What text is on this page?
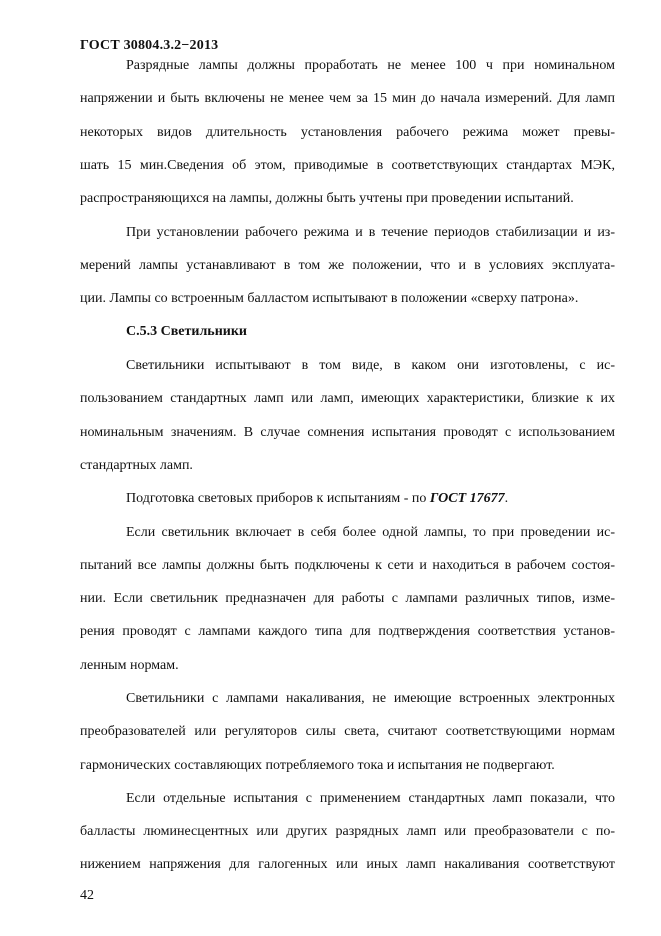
ГОСТ 30804.3.2−2013
Разрядные лампы должны проработать не менее 100 ч при номинальном
напряжении и быть включены не менее чем за 15 мин до начала измерений. Для ламп
некоторых видов длительность установления рабочего режима может превы-
шать 15 мин.Сведения об этом, приводимые в соответствующих стандартах МЭК,
распространяющихся на лампы, должны быть учтены при проведении испытаний.
При установлении рабочего режима и в течение периодов стабилизации и из-
мерений лампы устанавливают в том же положении, что и в условиях эксплуата-
ции. Лампы со встроенным балластом испытывают в положении «сверху патрона».
С.5.3 Светильники
Светильники испытывают в том виде, в каком они изготовлены, с ис-
пользованием стандартных ламп или ламп, имеющих характеристики, близкие к их
номинальным значениям. В случае сомнения испытания проводят с использованием
стандартных ламп.
Подготовка световых приборов к испытаниям - по ГОСТ 17677.
Если светильник включает в себя более одной лампы, то при проведении ис-
пытаний все лампы должны быть подключены к сети и находиться в рабочем состоя-
нии. Если светильник предназначен для работы с лампами различных типов, изме-
рения проводят с лампами каждого типа для подтверждения соответствия установ-
ленным нормам.
Светильники с лампами накаливания, не имеющие встроенных электронных
преобразователей или регуляторов силы света, считают соответствующими нормам
гармонических составляющих потребляемого тока и испытания не подвергают.
Если отдельные испытания с применением стандартных ламп показали, что
балласты люминесцентных или других разрядных ламп или преобразователи с по-
нижением напряжения для галогенных или иных ламп накаливания соответствуют
42
